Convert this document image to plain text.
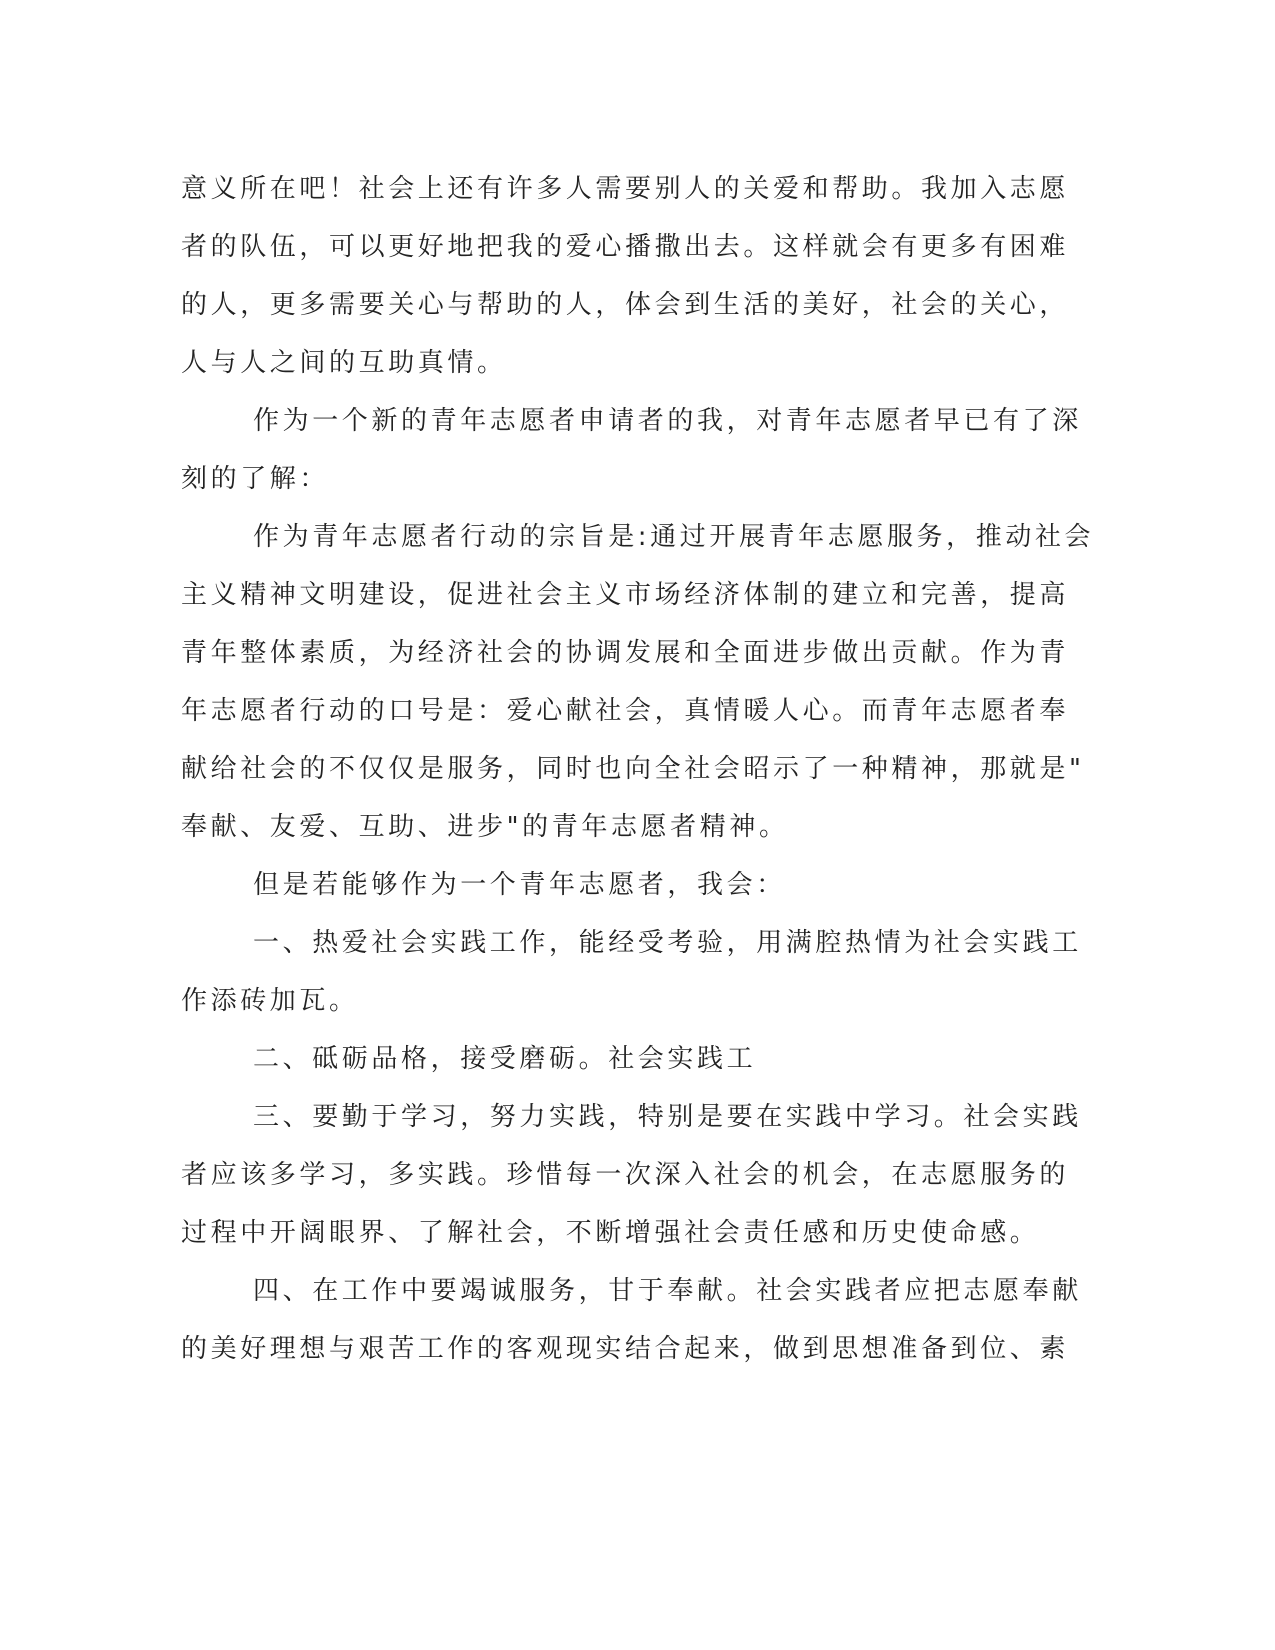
意义所在吧！社会上还有许多人需要别人的关爱和帮助。我加入志愿
者的队伍，可以更好地把我的爱心播撒出去。这样就会有更多有困难
的人，更多需要关心与帮助的人，体会到生活的美好，社会的关心，
人与人之间的互助真情。
作为一个新的青年志愿者申请者的我，对青年志愿者早已有了深
刻的了解：
作为青年志愿者行动的宗旨是:通过开展青年志愿服务，推动社会
主义精神文明建设，促进社会主义市场经济体制的建立和完善，提高
青年整体素质，为经济社会的协调发展和全面进步做出贡献。作为青
年志愿者行动的口号是：爱心献社会，真情暖人心。而青年志愿者奉
献给社会的不仅仅是服务，同时也向全社会昭示了一种精神，那就是"
奉献、友爱、互助、进步"的青年志愿者精神。
但是若能够作为一个青年志愿者，我会：
一、热爱社会实践工作，能经受考验，用满腔热情为社会实践工
作添砖加瓦。
二、砥砺品格，接受磨砺。社会实践工
三、要勤于学习，努力实践，特别是要在实践中学习。社会实践
者应该多学习，多实践。珍惜每一次深入社会的机会，在志愿服务的
过程中开阔眼界、了解社会，不断增强社会责任感和历史使命感。
四、在工作中要竭诚服务，甘于奉献。社会实践者应把志愿奉献
的美好理想与艰苦工作的客观现实结合起来，做到思想准备到位、素
